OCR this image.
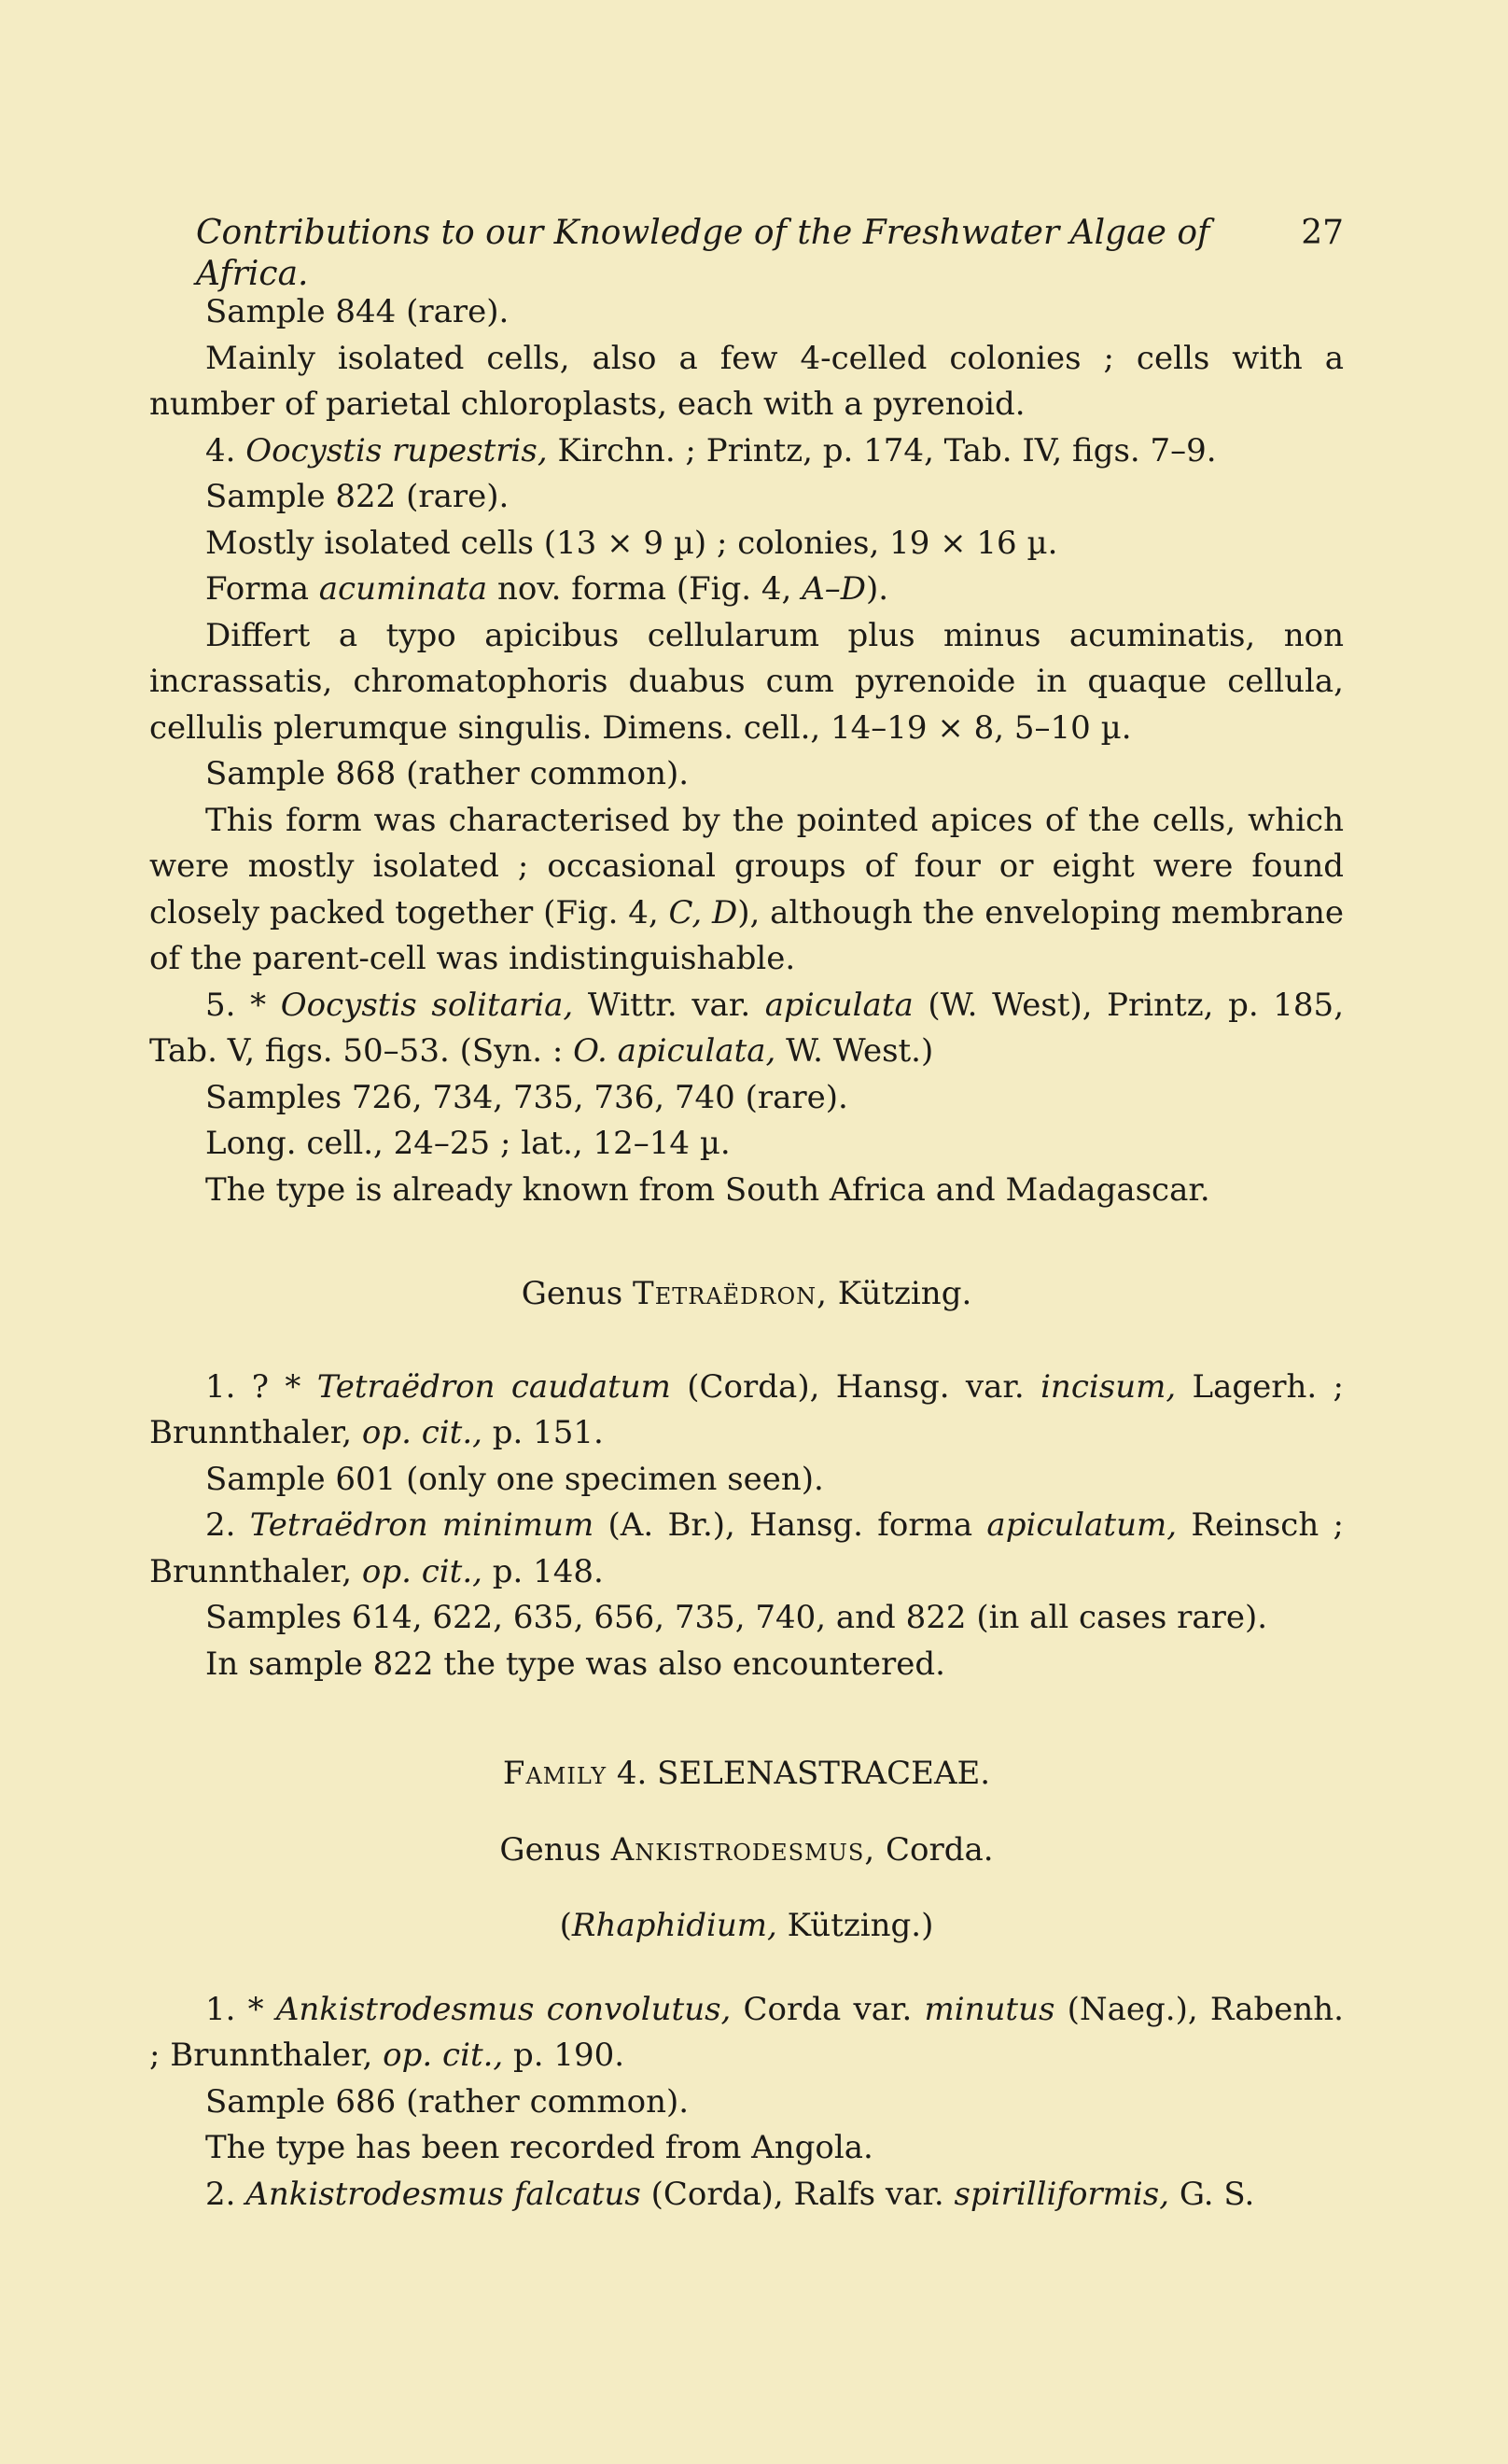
Contributions to our Knowledge of the Freshwater Algae of Africa.
27

Sample 844 (rare).

Mainly isolated cells, also a few 4-celled colonies ; cells with a number of parietal chloroplasts, each with a pyrenoid.

4. Oocystis rupestris, Kirchn. ; Printz, p. 174, Tab. IV, figs. 7–9.

Sample 822 (rare).

Mostly isolated cells (13 × 9 µ) ; colonies, 19 × 16 µ.

Forma acuminata nov. forma (Fig. 4, A–D).

Differt a typo apicibus cellularum plus minus acuminatis, non incrassatis, chromatophoris duabus cum pyrenoide in quaque cellula, cellulis plerumque singulis. Dimens. cell., 14–19 × 8, 5–10 µ.

Sample 868 (rather common).

This form was characterised by the pointed apices of the cells, which were mostly isolated ; occasional groups of four or eight were found closely packed together (Fig. 4, C, D), although the enveloping membrane of the parent-cell was indistinguishable.

5. * Oocystis solitaria, Wittr. var. apiculata (W. West), Printz, p. 185, Tab. V, figs. 50–53. (Syn. : O. apiculata, W. West.)

Samples 726, 734, 735, 736, 740 (rare).

Long. cell., 24–25 ; lat., 12–14 µ.

The type is already known from South Africa and Madagascar.

Genus Tetraëdron, Kützing.

1. ? * Tetraëdron caudatum (Corda), Hansg. var. incisum, Lagerh. ; Brunnthaler, op. cit., p. 151.

Sample 601 (only one specimen seen).

2. Tetraëdron minimum (A. Br.), Hansg. forma apiculatum, Reinsch ; Brunnthaler, op. cit., p. 148.

Samples 614, 622, 635, 656, 735, 740, and 822 (in all cases rare).

In sample 822 the type was also encountered.

Family 4. SELENASTRACEAE.

Genus Ankistrodesmus, Corda.

(Rhaphidium, Kützing.)

1. * Ankistrodesmus convolutus, Corda var. minutus (Naeg.), Rabenh. ; Brunnthaler, op. cit., p. 190.

Sample 686 (rather common).

The type has been recorded from Angola.

2. Ankistrodesmus falcatus (Corda), Ralfs var. spirilliformis, G. S.
